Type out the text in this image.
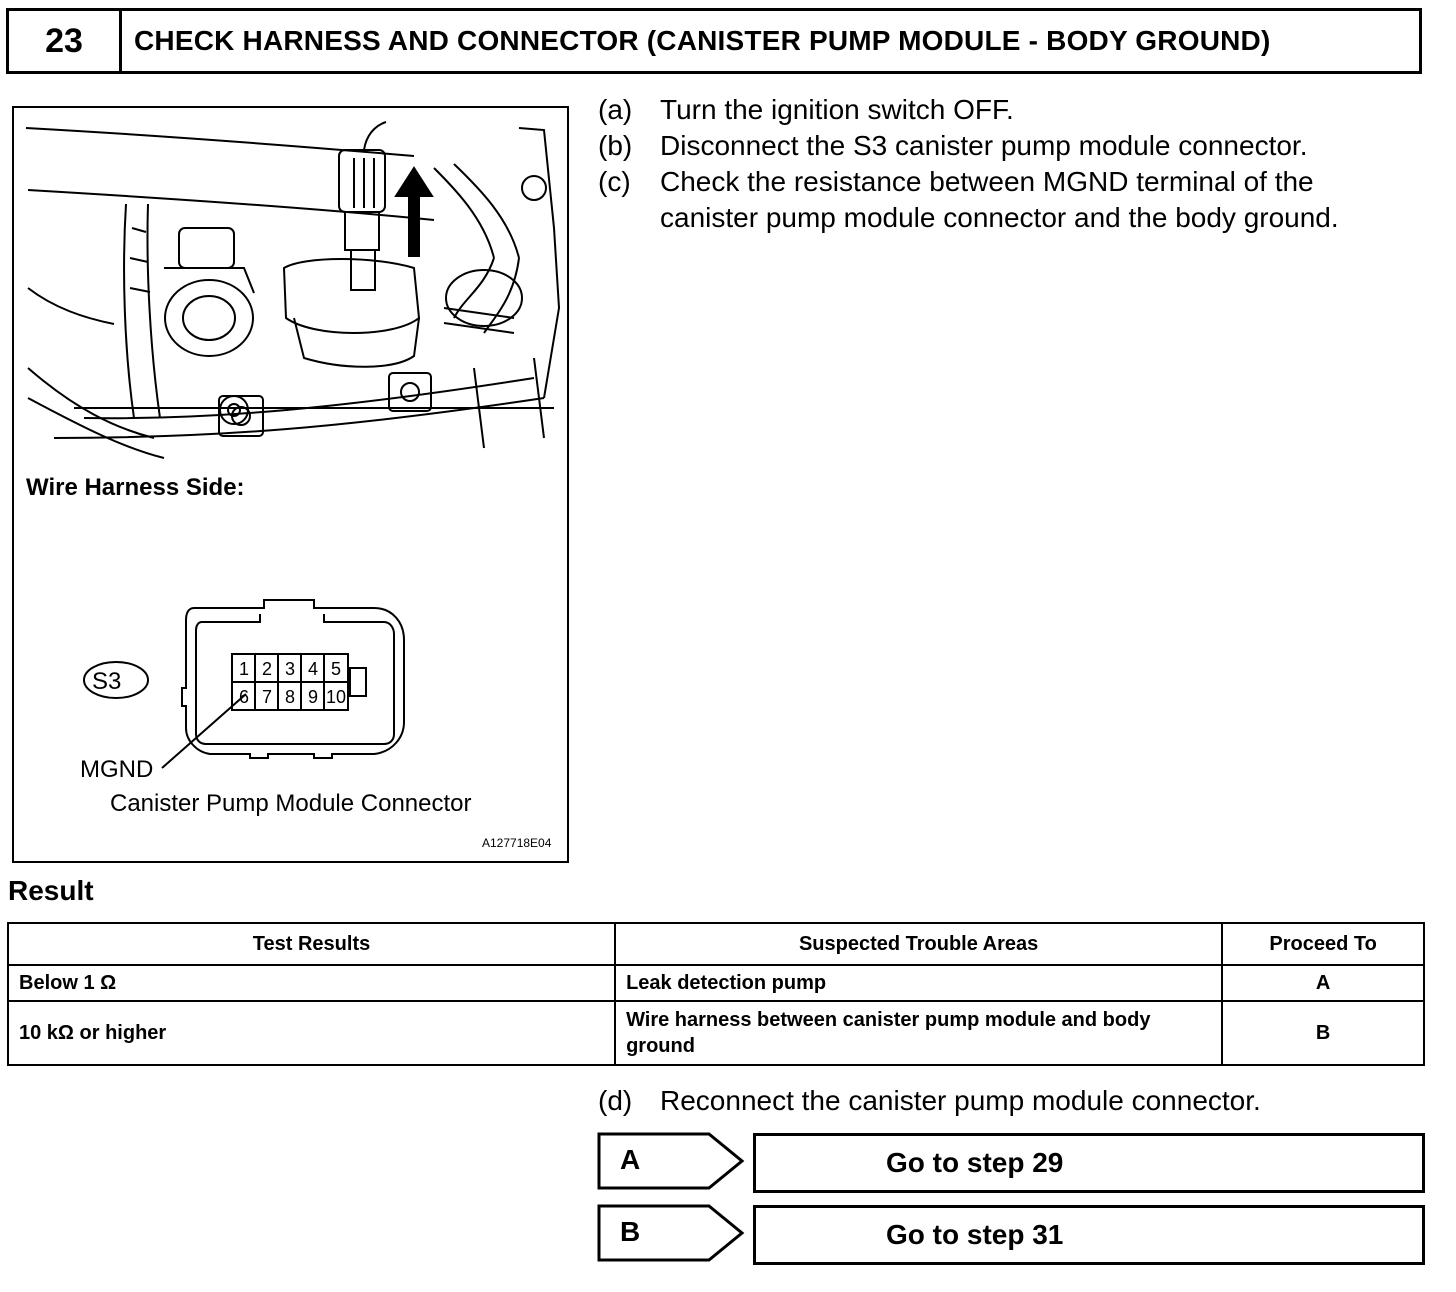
23	CHECK HARNESS AND CONNECTOR (CANISTER PUMP MODULE - BODY GROUND)
1 2 3 4 5
6 7 8 9 10
Wire Harness Side:
S3
MGND
Canister Pump Module Connector
A127718E04
(a) Turn the ignition switch OFF.
(b) Disconnect the S3 canister pump module connector.
(c)	Check the resistance between MGND terminal of the canister pump module connector and the body ground.
Result
Test Results	Suspected Trouble Areas	Proceed To
Below 1 Ω	Leak detection pump	A
10 kΩ or higher	Wire harness between canister pump module and body ground	B
(d) Reconnect the canister pump module connector.
A	Go to step 29
B	Go to step 31
